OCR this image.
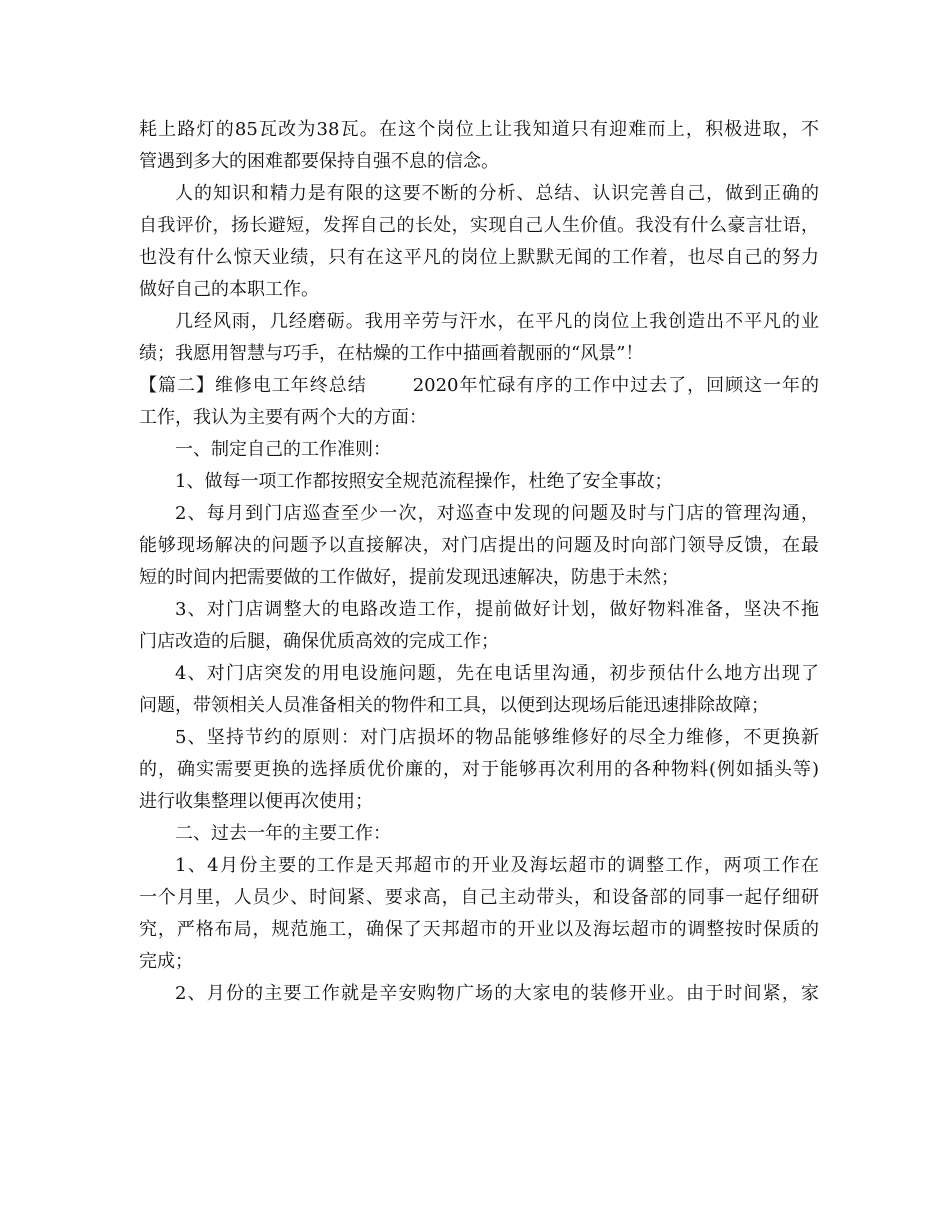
耗上路灯的85瓦改为38瓦。在这个岗位上让我知道只有迎难而上，积极进取，不
管遇到多大的困难都要保持自强不息的信念。
人的知识和精力是有限的这要不断的分析、总结、认识完善自己，做到正确的
自我评价，扬长避短，发挥自己的长处，实现自己人生价值。我没有什么豪言壮语，
也没有什么惊天业绩，只有在这平凡的岗位上默默无闻的工作着，也尽自己的努力
做好自己的本职工作。
几经风雨，几经磨砺。我用辛劳与汗水，在平凡的岗位上我创造出不平凡的业
绩；我愿用智慧与巧手，在枯燥的工作中描画着靓丽的“风景”！
【篇二】维修电工年终总结	2020年忙碌有序的工作中过去了，回顾这一年的
工作，我认为主要有两个大的方面：
一、制定自己的工作准则：
1、做每一项工作都按照安全规范流程操作，杜绝了安全事故；
2、每月到门店巡查至少一次，对巡查中发现的问题及时与门店的管理沟通，
能够现场解决的问题予以直接解决，对门店提出的问题及时向部门领导反馈，在最
短的时间内把需要做的工作做好，提前发现迅速解决，防患于未然；
3、对门店调整大的电路改造工作，提前做好计划，做好物料准备，坚决不拖
门店改造的后腿，确保优质高效的完成工作；
4、对门店突发的用电设施问题，先在电话里沟通，初步预估什么地方出现了
问题，带领相关人员准备相关的物件和工具，以便到达现场后能迅速排除故障；
5、坚持节约的原则：对门店损坏的物品能够维修好的尽全力维修，不更换新
的，确实需要更换的选择质优价廉的，对于能够再次利用的各种物料(例如插头等)
进行收集整理以便再次使用；
二、过去一年的主要工作：
1、4月份主要的工作是天邦超市的开业及海坛超市的调整工作，两项工作在
一个月里，人员少、时间紧、要求高，自己主动带头，和设备部的同事一起仔细研
究，严格布局，规范施工，确保了天邦超市的开业以及海坛超市的调整按时保质的
完成；
2、月份的主要工作就是辛安购物广场的大家电的装修开业。由于时间紧，家
